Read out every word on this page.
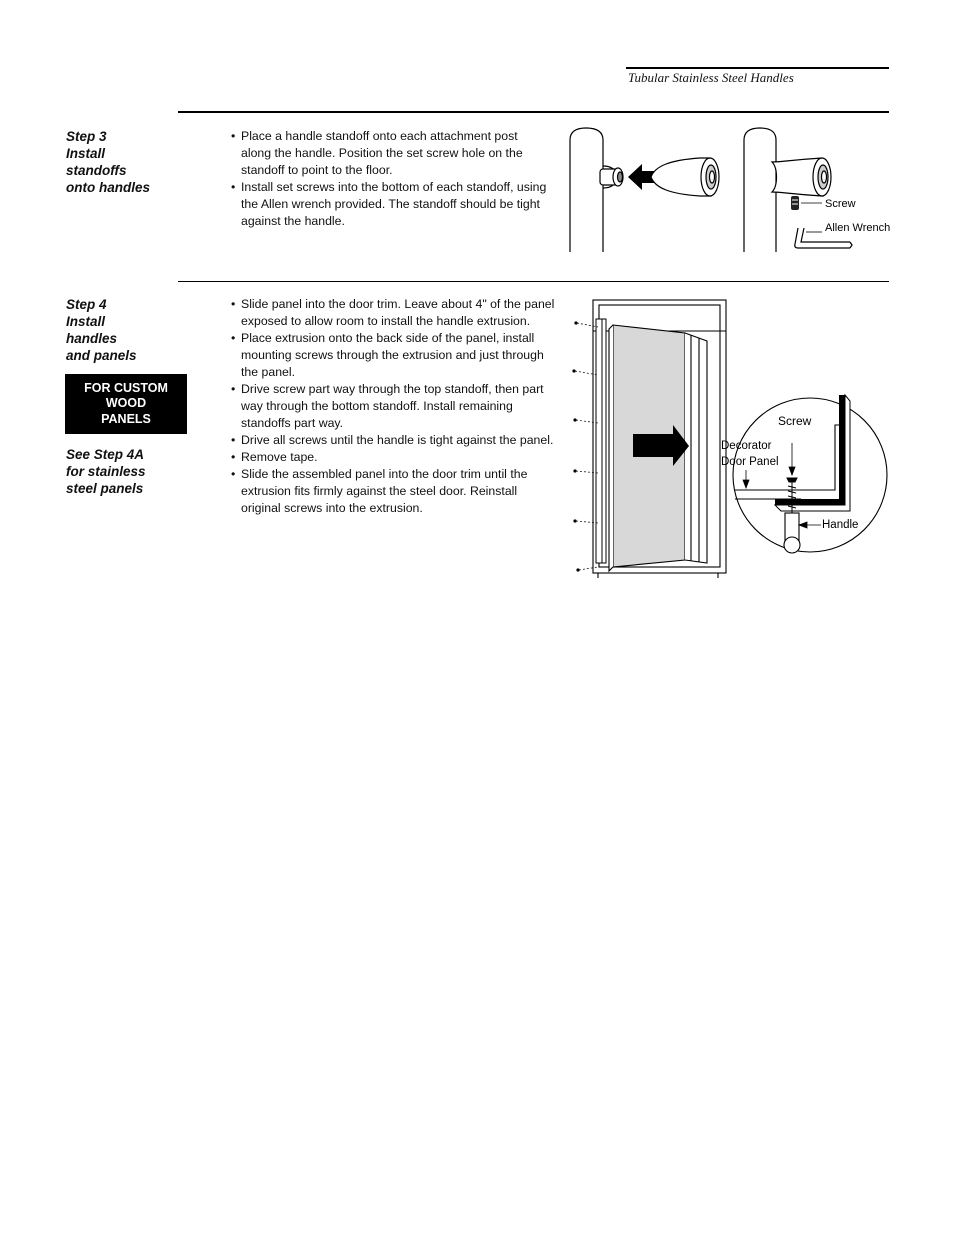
Tubular Stainless Steel Handles
Step 3
Install
standoffs
onto handles
• Place a handle standoff onto each attachment post along the handle. Position the set screw hole on the standoff to point to the floor.
• Install set screws into the bottom of each standoff, using the Allen wrench provided. The standoff should be tight against the handle.
Screw
Allen Wrench
Step 4
Install
handles
and panels
FOR CUSTOM
WOOD
PANELS
See Step 4A
for stainless
steel panels
• Slide panel into the door trim. Leave about 4" of the panel exposed to allow room to install the handle extrusion.
• Place extrusion onto the back side of the panel, install mounting screws through the extrusion and just through the panel.
• Drive screw part way through the top standoff, then part way through the bottom standoff. Install remaining standoffs part way.
• Drive all screws until the handle is tight against the panel.
• Remove tape.
• Slide the assembled panel into the door trim until the extrusion fits firmly against the steel door. Reinstall original screws into the extrusion.
Screw
Decorator
Door Panel
Handle
